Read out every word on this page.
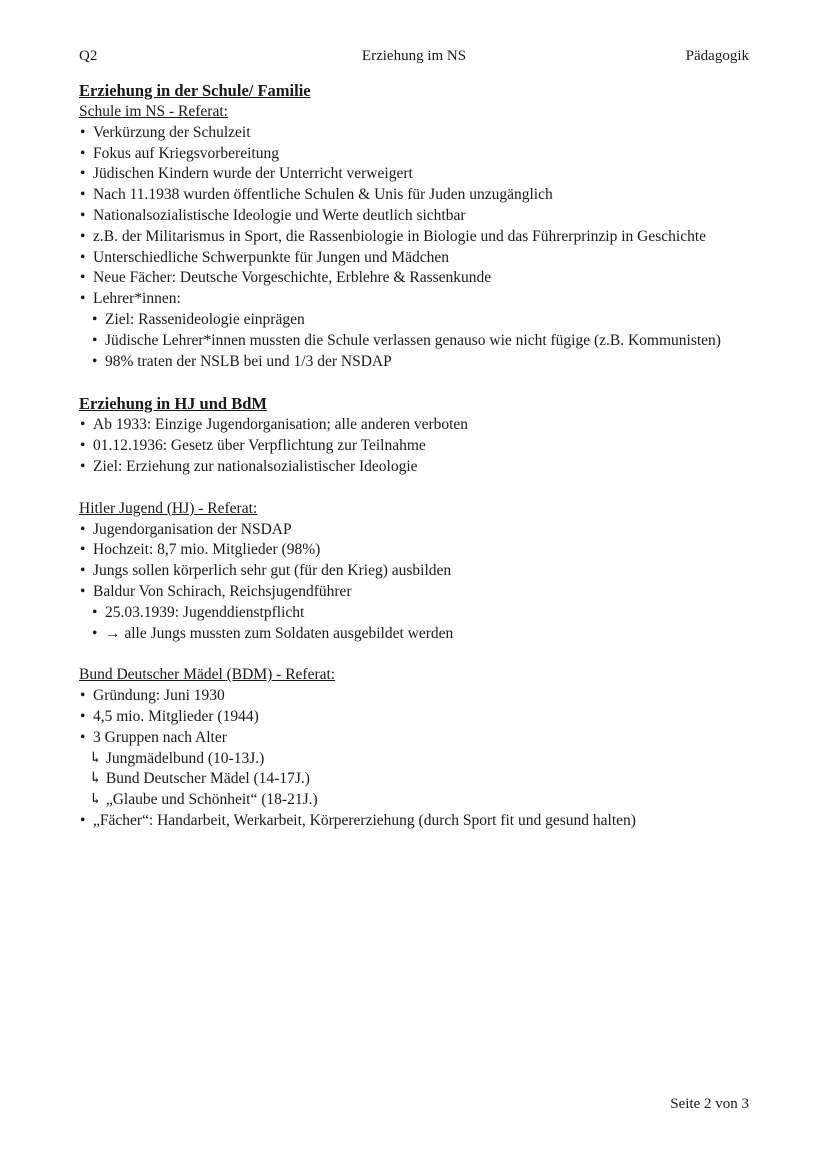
Q2	Erziehung im NS	Pädagogik
Erziehung in der Schule/ Familie
Schule im NS - Referat:
• Verkürzung der Schulzeit
• Fokus auf Kriegsvorbereitung
• Jüdischen Kindern wurde der Unterricht verweigert
• Nach 11.1938 wurden öffentliche Schulen & Unis für Juden unzugänglich
• Nationalsozialistische Ideologie und Werte deutlich sichtbar
• z.B. der Militarismus in Sport, die Rassenbiologie in Biologie und das Führerprinzip in Geschichte
• Unterschiedliche Schwerpunkte für Jungen und Mädchen
• Neue Fächer: Deutsche Vorgeschichte, Erblehre & Rassenkunde
• Lehrer*innen:
• Ziel: Rassenideologie einprägen
• Jüdische Lehrer*innen mussten die Schule verlassen genauso wie nicht fügige (z.B. Kommunisten)
• 98% traten der NSLB bei und 1/3 der NSDAP
Erziehung in HJ und BdM
• Ab 1933: Einzige Jugendorganisation; alle anderen verboten
• 01.12.1936: Gesetz über Verpflichtung zur Teilnahme
• Ziel: Erziehung zur nationalsozialistischer Ideologie
Hitler Jugend (HJ) - Referat:
• Jugendorganisation der NSDAP
• Hochzeit: 8,7 mio. Mitglieder (98%)
• Jungs sollen körperlich sehr gut (für den Krieg) ausbilden
• Baldur Von Schirach, Reichsjugendführer
• 25.03.1939: Jugenddienstpflicht
• → alle Jungs mussten zum Soldaten ausgebildet werden
Bund Deutscher Mädel (BDM) - Referat:
• Gründung: Juni 1930
• 4,5 mio. Mitglieder (1944)
• 3 Gruppen nach Alter
↳ Jungmädelbund (10-13J.)
↳ Bund Deutscher Mädel (14-17J.)
↳ „Glaube und Schönheit“ (18-21J.)
• „Fächer“: Handarbeit, Werkarbeit, Körpererziehung (durch Sport fit und gesund halten)
Seite 2 von 3
